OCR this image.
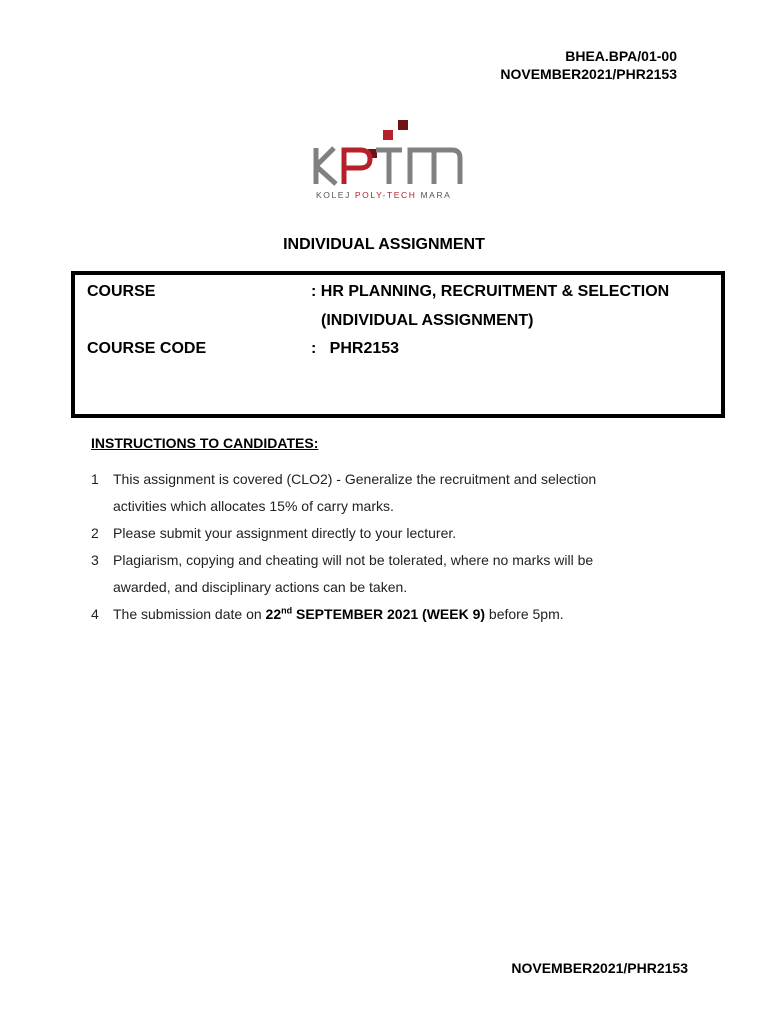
BHEA.BPA/01-00
NOVEMBER2021/PHR2153
KOLEJ POLY-TECH MARA
INDIVIDUAL ASSIGNMENT
COURSE	: HR PLANNING, RECRUITMENT & SELECTION
(INDIVIDUAL ASSIGNMENT)
COURSE CODE	:   PHR2153
INSTRUCTIONS TO CANDIDATES:
1 This assignment is covered (CLO2) - Generalize the recruitment and selection activities which allocates 15% of carry marks.
2 Please submit your assignment directly to your lecturer.
3 Plagiarism, copying and cheating will not be tolerated, where no marks will be awarded, and disciplinary actions can be taken.
4 The submission date on 22nd SEPTEMBER 2021 (WEEK 9) before 5pm.
NOVEMBER2021/PHR2153
